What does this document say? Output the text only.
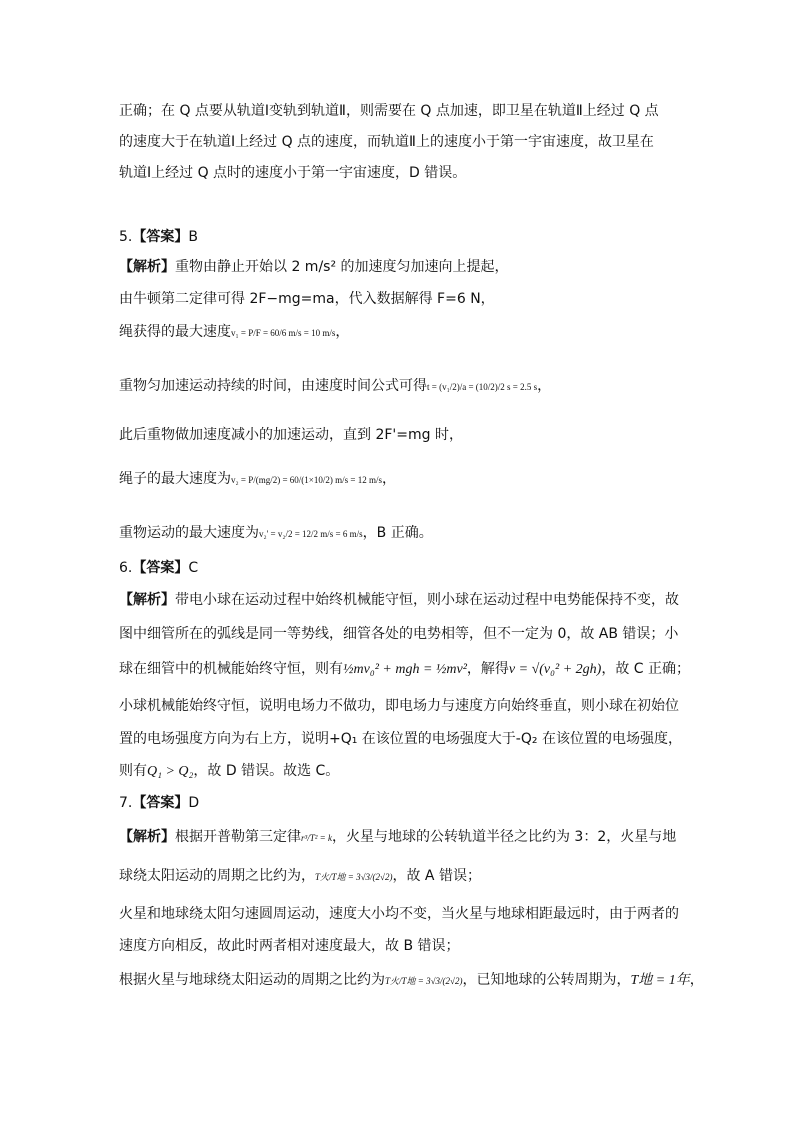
正确；在 Q 点要从轨道Ⅰ变轨到轨道Ⅱ，则需要在 Q 点加速，即卫星在轨道Ⅱ上经过 Q 点
的速度大于在轨道Ⅰ上经过 Q 点的速度，而轨道Ⅱ上的速度小于第一宇宙速度，故卫星在
轨道Ⅰ上经过 Q 点时的速度小于第一宇宙速度，D 错误。
5.【答案】B
【解析】重物由静止开始以 2 m/s² 的加速度匀加速向上提起，
由牛顿第二定律可得 2F−mg=ma，代入数据解得 F=6 N，
绳获得的最大速度v₁ = P/F = 60/6 m/s = 10 m/s，
重物匀加速运动持续的时间，由速度时间公式可得t = (v₁/2)/a = (10/2)/2 s = 2.5 s，
此后重物做加速度减小的加速运动，直到 2F'=mg 时，
绳子的最大速度为v₂ = P/(mg/2) = 60/(1×10/2) m/s = 12 m/s，
重物运动的最大速度为v₂' = v₂/2 = 12/2 m/s = 6 m/s，B 正确。
6.【答案】C
【解析】带电小球在运动过程中始终机械能守恒，则小球在运动过程中电势能保持不变，故
图中细管所在的弧线是同一等势线，细管各处的电势相等，但不一定为 0，故 AB 错误；小
球在细管中的机械能始终守恒，则有½mv₀² + mgh = ½mv²，解得v = √(v₀² + 2gh)，故 C 正确；
小球机械能始终守恒，说明电场力不做功，即电场力与速度方向始终垂直，则小球在初始位
置的电场强度方向为右上方，说明+Q₁ 在该位置的电场强度大于-Q₂ 在该位置的电场强度，
则有Q₁ > Q₂，故 D 错误。故选 C。
7.【答案】D
【解析】根据开普勒第三定律r³/T² = k，火星与地球的公转轨道半径之比约为 3：2，火星与地
球绕太阳运动的周期之比约为，T火/T地 = 3√3/(2√2)，故 A 错误；
火星和地球绕太阳匀速圆周运动，速度大小均不变，当火星与地球相距最远时，由于两者的
速度方向相反，故此时两者相对速度最大，故 B 错误；
根据火星与地球绕太阳运动的周期之比约为T火/T地 = 3√3/(2√2)，已知地球的公转周期为，T地 = 1年，
